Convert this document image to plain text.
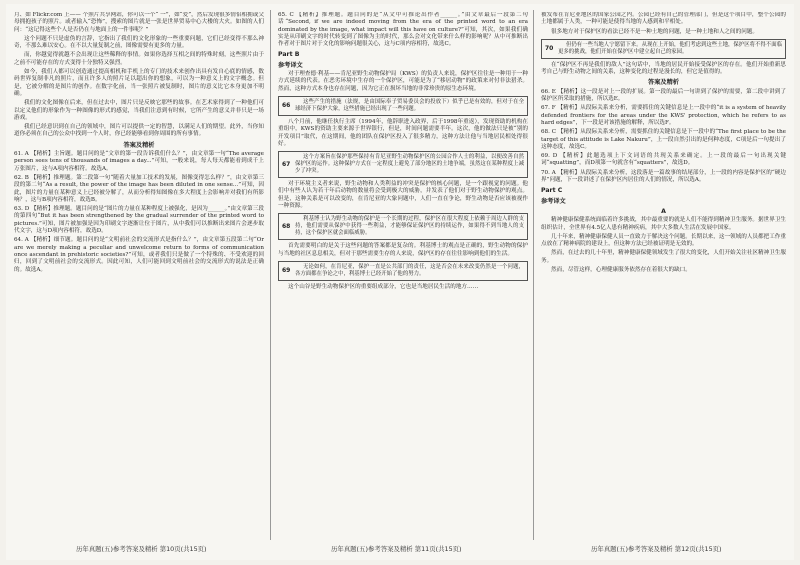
月、如 Flickr.com 上—— 个照片共享网站，你可以一个“ 一”，如“爱”，然后发现很多情侣相拥或父母拥抱孩子的照片。或者输入“恐怖”，搜索的图片就是一张是世界贸易中心大楼的大火。如图的人们问：“这记得这些个人是否仍在与地面上的一件事呢？”

这个问题不只是虚伪的言辞，它指出了我们的文化形象的一些重要问题，它们已经变得不那么神奇，不那么难以安心。在不以大量复制之前，图像需要有更多的力量。

而，你越觉得就越不会出现让这些稀释的事情。如果你选择互相之间的特殊时刻，这些照片由于之前不可能存在的方式变得十分独特又强烈。

如今，我们人都可以创造通过提高相机和手机上的专门的技术来创作出具有发自心底的情感，数码世界复制非凡的照片，而且许多人的照片足以超出你的想象，可以为一种意义上的文字概念。但是，它被分解的是图片的创作。在数字化前，当一张照片被复制时，图片的意义比它本身更加不明确。

我们的文化图像在后来，但在过去中，图片只是反映它那些的故事。在艺术家得到了一种他们可以定义他们的形象作为一种图像的形式的感觉，当我们注意到有时候，它所产生的意义并非只是一场游戏。

我们已经意识到在自己的领域中，图片可以提供一定的智慧，以满足人们的期望。此外，当你知道你必须在自己的公众中找到一个人时，你已经能够看到你周围的所有事情。

答案及精析
61. A 【精析】主旨题。题目问的是“文章的第一段告诉我们什么？”，由文章第一句“The average person sees tens of thousands of images a day...”可知，一般来说，每人每天都能看到成千上万张图片，这与A项内容相符。故选A。
62. B 【精析】推理题。第二段第一句“随着大量加工技术的发展，图像变得怎么样？”，由文章第三段的第二句“As a result, the power of the image has been diluted in one sense...”可知，因此，图片的力量在某种意义上已经被分解了，从而分析得知图像在多大程度上会影响并对我们有所影响？，这与B项内容相符，故选B。
63. D 【精析】推理题。题目问的是“图片的力量在某种程度上被强化，是因为______。”由文章第三段的第四句“But it has been strengthened by the gradual surrender of the printed word to pictures.”可知，图片被加强是因为印刷文字逐渐让位于图片，从中我们可以推断出来图片会逐步取代文字，这与D项内容相符，故选D。
64. A 【精析】细节题。题目问的是“文明前社会的交流形式是指什么？”，由文章第五段第二句“Or are we merely making a peculiar and unwelcome return to forms of communication once ascendant in prehistoric societies?”可知，或者我们只是做了一个特殊的、不受欢迎的回归，回到了文明前社会的交流形式。因此可知，人们可能回到文明前社会的交流形式的说法是正确的。故选A。
65. C 【精析】推理题。题目问的是“从文中可推论出作者______。”由文章最后一段第二句话“Second, if we are indeed moving from the era of the printed word to an era dominated by the image, what impact will this have on culture?”可知，其次，如果我们确实是从印刷文字的时代转变到了图像为主的时代，那么会对文化带来什么样的影响呢？从中可推断出作者对于图片对于文化的影响问题很关心，这与C项内容相符，故选C。
Part B
参考译文

对于理查德·利基——肯尼亚野生动物保护局（KWS）的负责人来说，保护区往往是一种用于一种方式延续的代表。在恶劣环境中生存的一个保护区，可能是为了“移居动物”的政策来对付非法猎杀。然而，这种方式本身也存在问题，因为它正在损坏当地的非常珍贵的原生态环境。

66	这些产生的措施（法规，是由国际奉子贸易委员会的投放下）似乎已是有效的，但对于在全球经济下保护大象，这些措施已经出现了一些问题。

八个月前，他继任执行主席（1994年，他辞职进入政界，后于1998年重返），发现资助的机构在重组中，KWS的资助主要来源于世界银行，但是，时间问题需要半年。这次，他的做法只是被“别的开发项目”取代，在这期间，他的团队在保护区投入了很多精力，这种方法让他与当地居民相处得很好。

67

这个方案旨在保护那些保持有肯尼亚野生动物保护区的公园合作人士的利益，以便改善自然保护区的运作。这种保护方式在一定程度上避免了部分地区的土地争端，虽然这在某种程度上减少了冲突。

对于环境主义者来说，野生动物和人类利益的冲突是保护的核心问题，是一个跟视觉的问题。他们中有些人认为若干年后动物的数量将会受到极大的威胁，并发表了他们对于野生动物保护的观点。但是，这种关系是可以改变的，在肯尼亚的大象问题中，人们一直在争论，野生动物是否应该被视作一种资源。

68

利基博士认为野生动物的保护是一个长期的过程，保护区在很大程度上依赖于周边人群的支持，他们需要从保护中获得一些利益，才能够保证保护区的持续运作，如果得不到当地人的支持，这个保护区就会面临威胁。

首先需要明白的是关于这些问题的答案都是复杂的。利基博士的观点是正确的，野生动物的保护与当地的社区息息相关，但对于那些需要生存的人来说，保护区的存在往往影响到他们的生活。

69	无论如何，在肯尼亚，保护一直是公共部门的责任，这是否会在未来改变仍然是一个问题，各方面都在争论之中，利基博士已经开始了他的努力。

这个山谷是野生动物保护区的重要组成部分，它也是当地居民生活的地方……

被发布在肯尼亚地区的国家公园之内。公园已经有自己的管理部门，但是这个项目中，整个公园的土地都属于人类，一种可能是使得当地的人感到和平相处。

很多地方对于保护区的看法已经不是一种土地的问题，是一种土地和人之间的问题。

70	但仍有一些当地人宁愿留下来。从现在上开始，他们考虑到这些土地，保护区将不得不面临更多的挑战，他们开始在保护区中建立起自己的家园。

在“保护区不再是我们的敌人”这句话中，当地的居民开始接受保护区的存在。他们开始重新思考自己与野生动物之间的关系，这种变化的过程是漫长的，但它是值得的。

答案及精析
66. E 【精析】这一段是对上一段的扩展。第一段的最后一句讲到了保护的需要，第二段中讲到了保护区所采取的措施，所以选E。
67. F 【精析】从段际关系来分析，需要抓住的关键信息是上一段中的“it is a system of heavily defended frontiers for the areas under the KWS' protection, which he refers to as hard edges”，下一段是对该措施的解释，所以选F。
68. C 【精析】从段际关系来分析，需要抓住的关键信息是下一段中的“The first place to be the target of this attitude is Lake Nakuru”，上一段自然引出的是何种态度，C项是后一句提出了这种态度，故选C。
69. D 【精析】此题选项上下文词语的共现关系来确定。上一段的最后一句出现关键词“squatting”，而D项第一句就含有“squatters”，故选D。
70. A 【精析】从段际关系来分析，这段落是一篇故事的结尾部分，上一段的内容是保护区的“硬边界”问题，下一段讲述了在保护区内居住的人们的情况，所以选A。
Part C
参考译文
A

精神健康保健系统面临着许多挑战，其中最重要的就是人们不能得到精神卫生服务。据世界卫生组织估计，全世界有4.5亿人患有精神疾病，其中大多数人生活在发展中国家。

几十年来，精神健康保健人员一直致力于解决这个问题。长期以来，这一领域的人员都把工作重点放在了精神病院的建设上，但这种方法已经被证明是无效的。

然而，在过去的几十年里，精神健康保健领域发生了很大的变化，人们开始关注社区精神卫生服务。

然而，尽管这样，心理健康服务依然存在着很大的缺口。

历年真题(五)参考答案及精析 第10页(共15页)	历年真题(五)参考答案及精析 第11页(共15页)	历年真题(五)参考答案及精析 第12页(共15页)
